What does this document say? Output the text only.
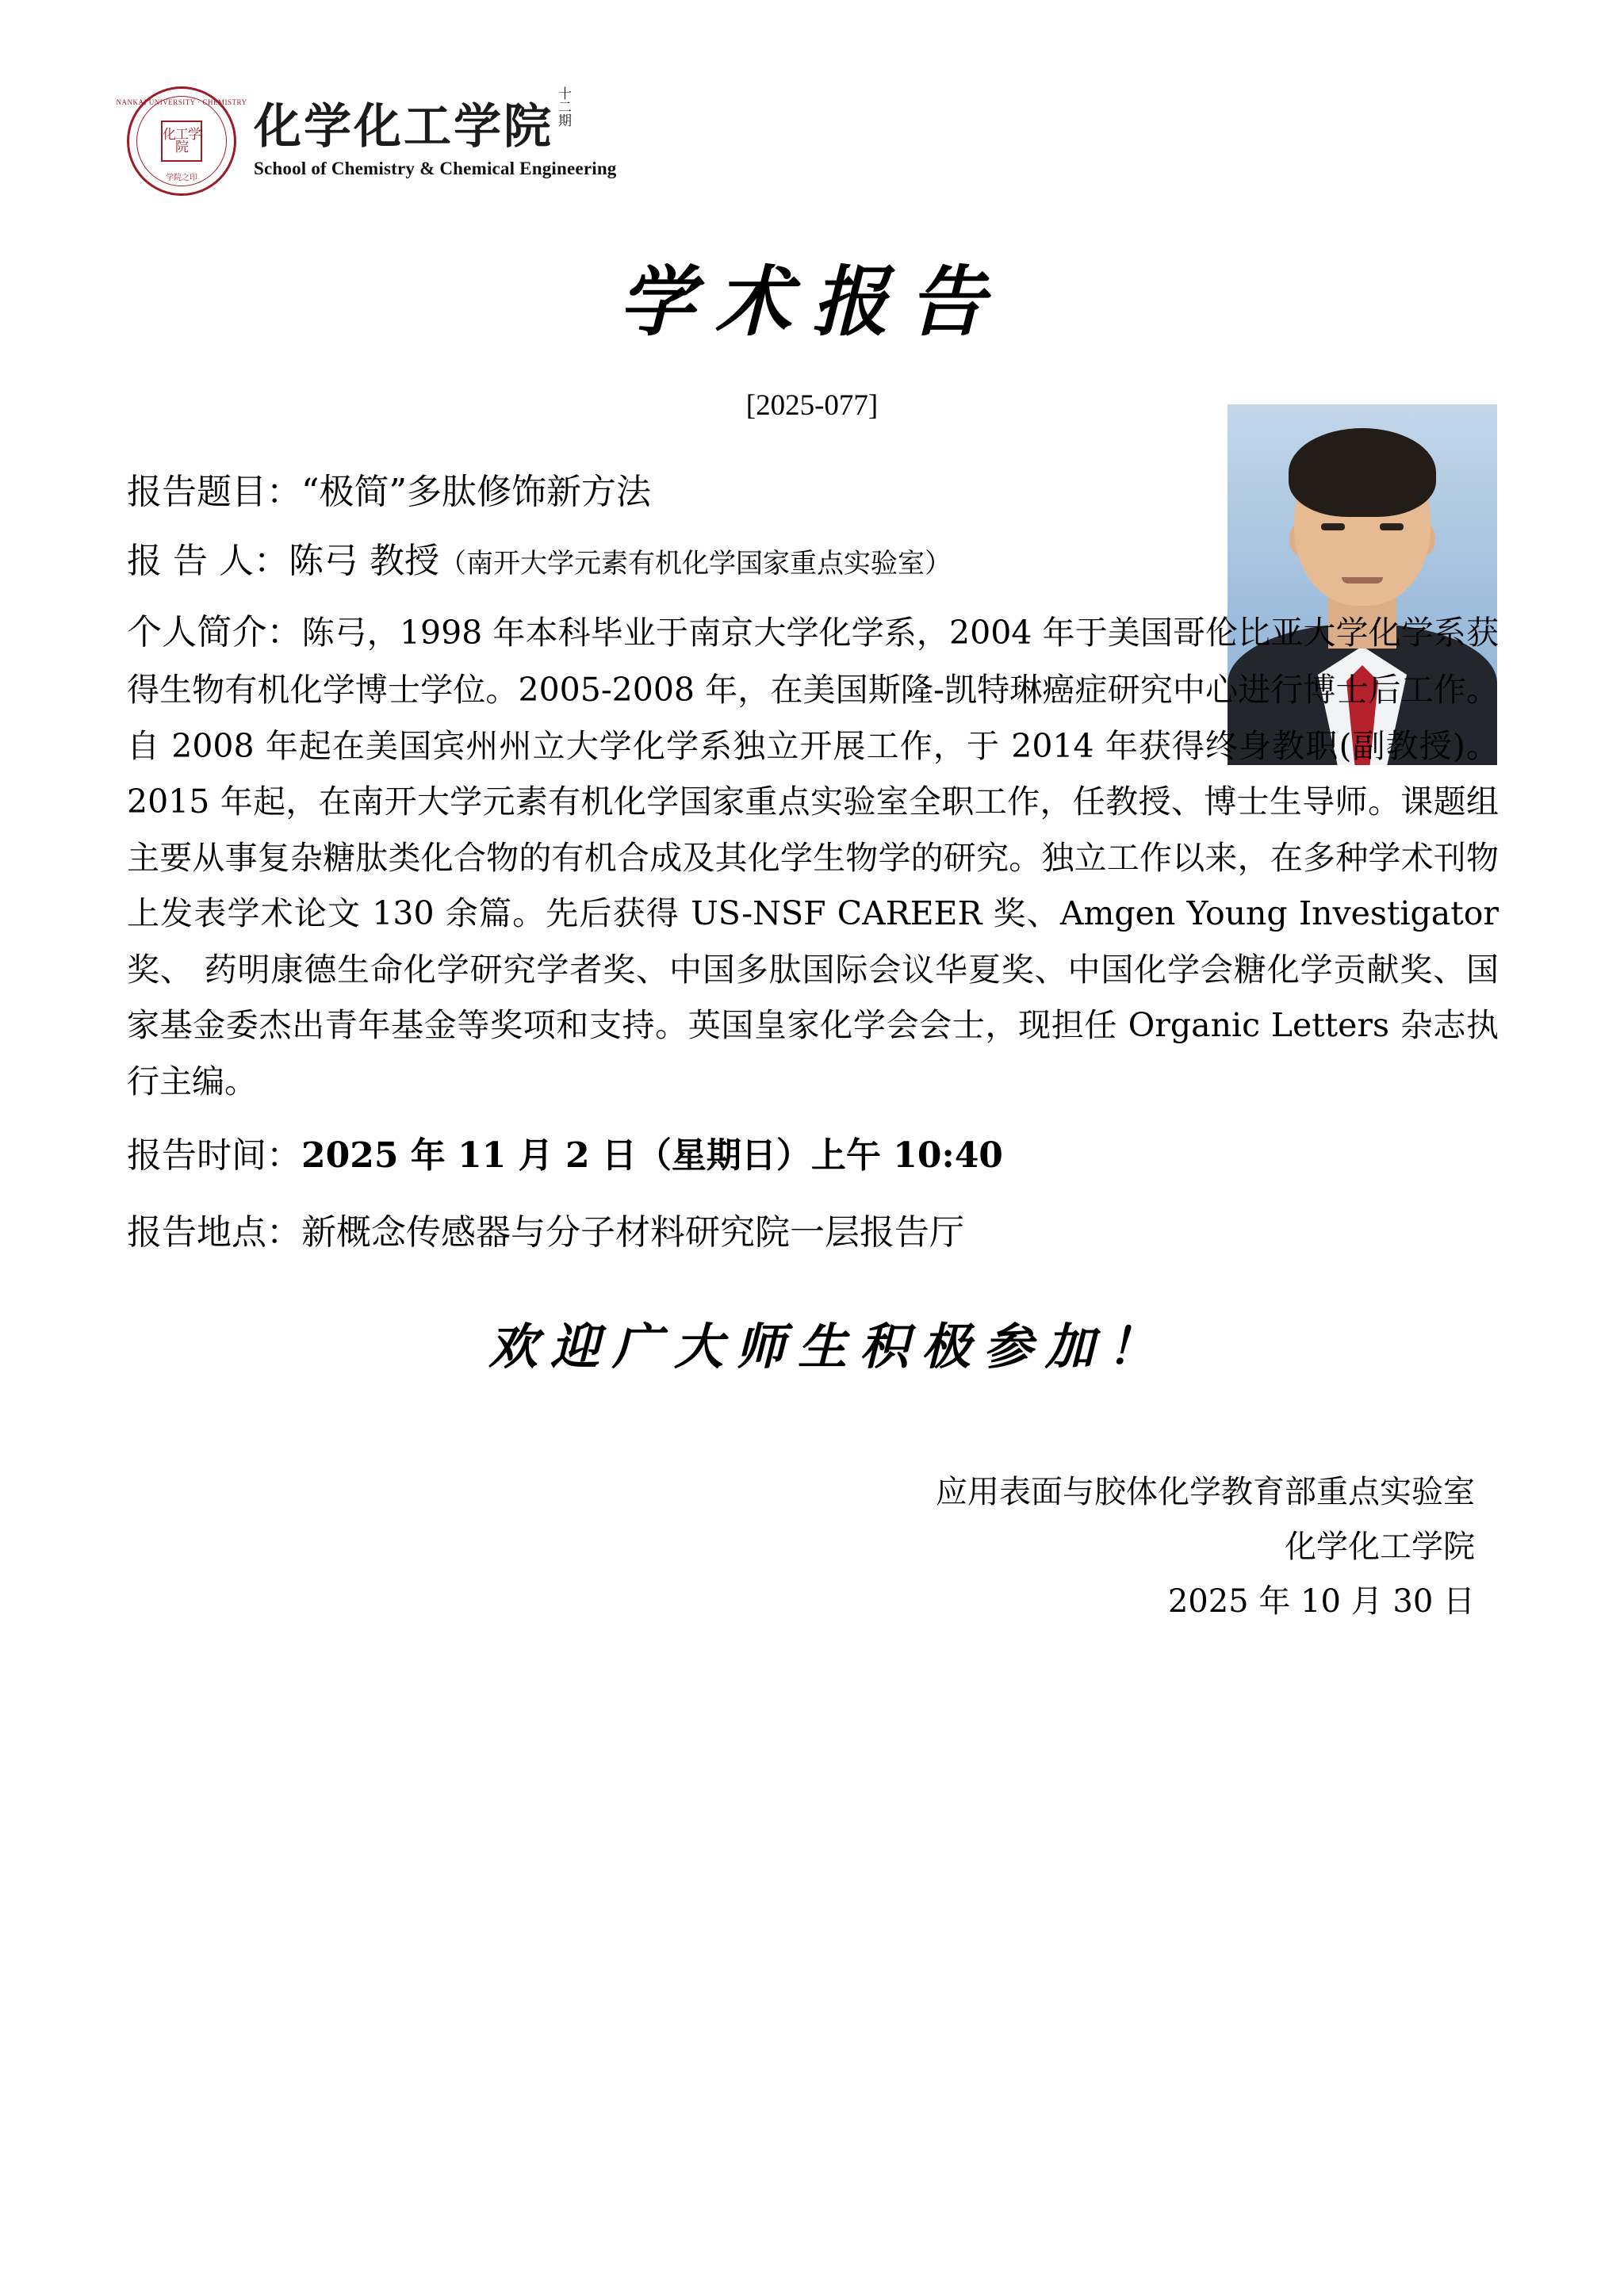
NANKAI UNIVERSITY · CHEMISTRY
化工学院
学院之印
化学化工学院十二期
School of Chemistry & Chemical Engineering
学术报告
[2025-077]
报告题目：“极简”多肽修饰新方法
报 告 人：陈弓 教授（南开大学元素有机化学国家重点实验室）
个人简介：陈弓，1998 年本科毕业于南京大学化学系，2004 年于美国哥伦比亚大学化学系获得生物有机化学博士学位。2005-2008 年，在美国斯隆-凯特琳癌症研究中心进行博士后工作。自 2008 年起在美国宾州州立大学化学系独立开展工作，于 2014 年获得终身教职(副教授)。2015 年起，在南开大学元素有机化学国家重点实验室全职工作，任教授、博士生导师。课题组主要从事复杂糖肽类化合物的有机合成及其化学生物学的研究。独立工作以来，在多种学术刊物上发表学术论文 130 余篇。先后获得 US-NSF CAREER 奖、Amgen Young Investigator 奖、 药明康德生命化学研究学者奖、中国多肽国际会议华夏奖、中国化学会糖化学贡献奖、国家基金委杰出青年基金等奖项和支持。英国皇家化学会会士，现担任 Organic Letters 杂志执行主编。
报告时间：2025 年 11 月 2 日（星期日）上午 10:40
报告地点：新概念传感器与分子材料研究院一层报告厅
欢迎广大师生积极参加！
应用表面与胶体化学教育部重点实验室
化学化工学院
2025 年 10 月 30 日
